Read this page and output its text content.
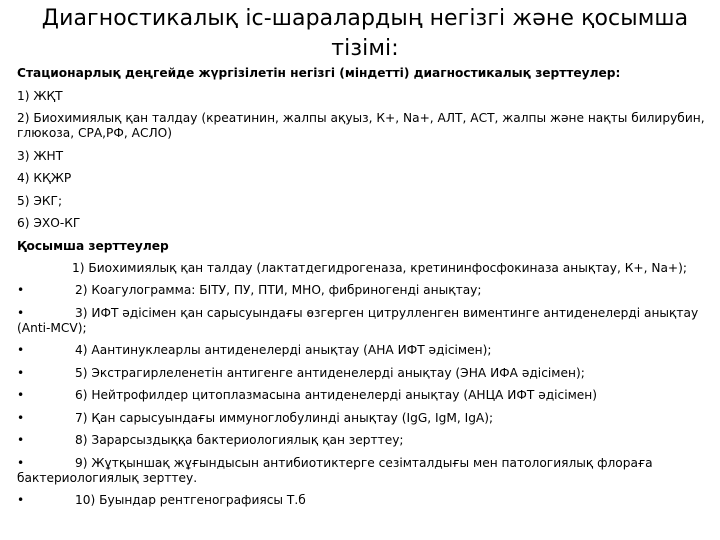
Диагностикалық іс-шаралардың негізгі және қосымша тізімі:
Стационарлық деңгейде жүргізілетін негізгі (міндетті) диагностикалық зерттеулер:
1) ЖҚТ
2) Биохимиялық қан талдау (креатинин, жалпы ақуыз, К+, Na+, АЛТ, АСТ, жалпы және нақты билирубин, глюкоза, СРА,РФ, АСЛО)
3) ЖНТ
4) КҚЖР
5) ЭКГ;
6) ЭХО-КГ
Қосымша зерттеулер
1) Биохимиялық қан талдау (лактатдегидрогеназа, кретининфосфокиназа анықтау, К+, Na+);
•	2) Коагулограмма: БІТУ, ПУ, ПТИ, МНО, фибриногенді анықтау;
•	3) ИФТ әдісімен қан сарысуындағы өзгерген цитрулленген виментинге антиденелерді анықтау (Anti-MCV);
•	4) Аантинуклеарлы антиденелерді анықтау (АНА ИФТ әдісімен);
•	5) Экстрагирлеленетін антигенге антиденелерді анықтау (ЭНА ИФА әдісімен);
•	6) Нейтрофилдер цитоплазмасына антиденелерді анықтау (АНЦА ИФТ әдісімен)
•	7) Қан сарысуындағы иммуноглобулинді анықтау (IgG, IgM, IgA);
•	8) Зарарсыздыққа бактериологиялық қан зерттеу;
•	9) Жұтқыншақ жұғындысын антибиотиктерге сезімталдығы мен патологиялық флораға бактериологиялық зерттеу.
•	10) Буындар рентгенографиясы Т.б
